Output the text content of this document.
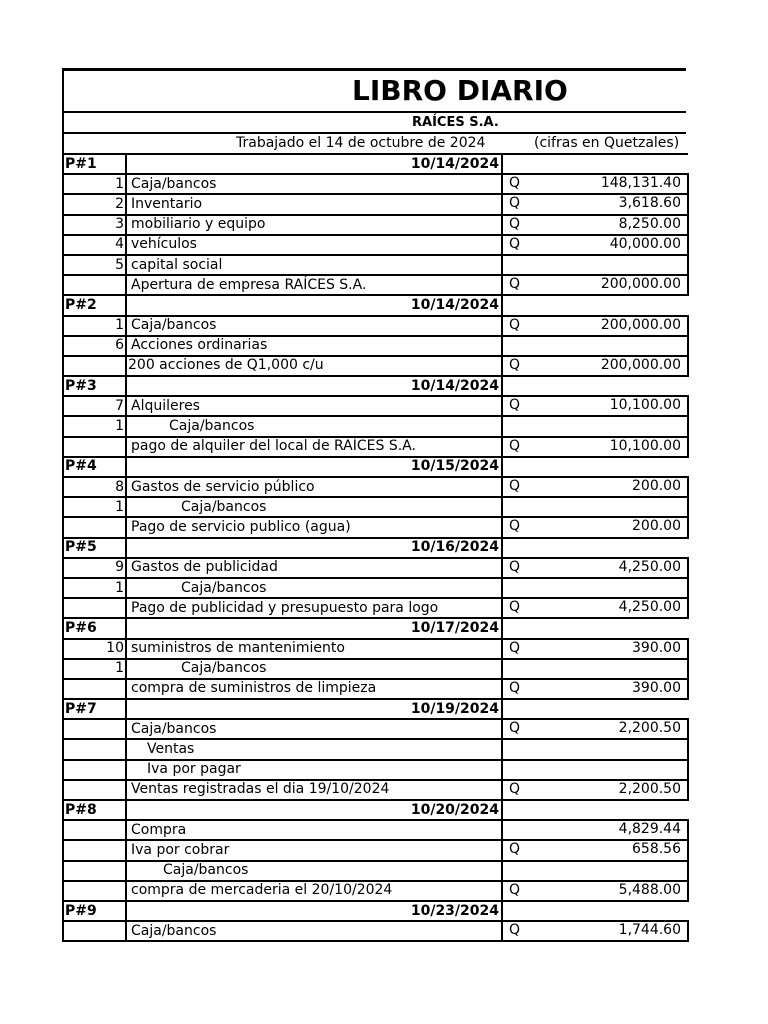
LIBRO DIARIO
RAÍCES S.A.
Trabajado el 14 de octubre de 2024	(cifras en Quetzales)
P#1	10/14/2024	
1	Caja/bancos	Q 148,131.40

2	Inventario	Q 3,618.60

3	mobiliario y equipo	Q 8,250.00

4	vehículos	Q 40,000.00

5	capital social	

	Apertura de empresa RAÍCES S.A.	Q 200,000.00

P#2	10/14/2024	
1	Caja/bancos	Q 200,000.00

6	Acciones ordinarias	

	200 acciones de Q1,000 c/u	Q 200,000.00

P#3	10/14/2024	
7	Alquileres	Q 10,100.00

1	Caja/bancos	

	pago de alquiler del local de RAÍCES S.A.	Q 10,100.00

P#4	10/15/2024	
8	Gastos de servicio público	Q 200.00

1	Caja/bancos	

	Pago de servicio publico (agua)	Q 200.00

P#5	10/16/2024	
9	Gastos de publicidad	Q 4,250.00

1	Caja/bancos	

	Pago de publicidad y presupuesto para logo	Q 4,250.00

P#6	10/17/2024	
10	suministros de mantenimiento	Q 390.00

1	Caja/bancos	

	compra de suministros de limpieza	Q 390.00

P#7	10/19/2024	
	Caja/bancos	Q 2,200.50

	Ventas	

	Iva por pagar	

	Ventas registradas el dia 19/10/2024	Q 2,200.50

P#8	10/20/2024	
	Compra	4,829.44

	Iva por cobrar	Q 658.56

	Caja/bancos	

	compra de mercaderia el 20/10/2024	Q 5,488.00

P#9	10/23/2024	
	Caja/bancos	Q 1,744.60
